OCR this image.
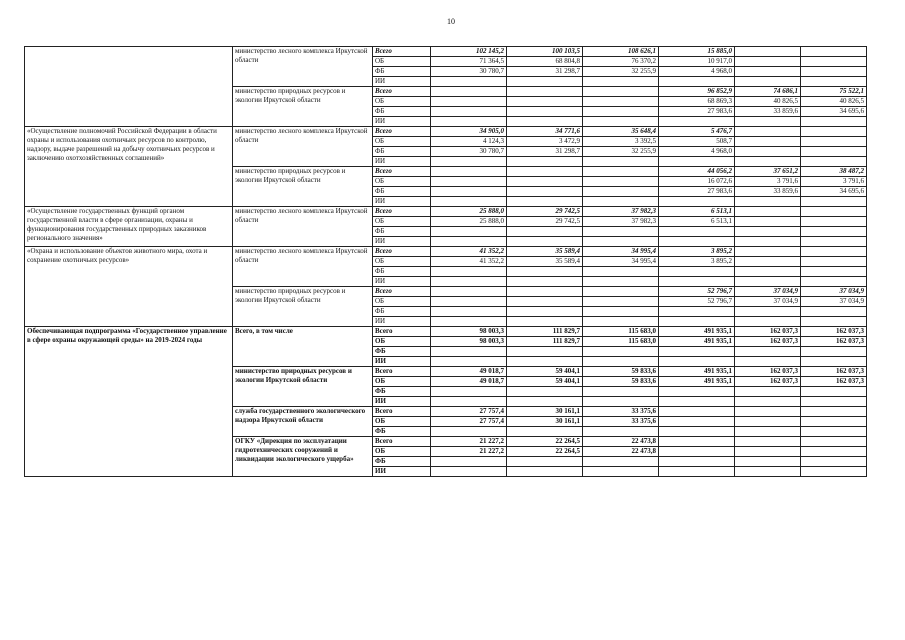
10
	министерство лесного комплекса Иркутской области	Всего	102 145,2	100 103,5	108 626,1	15 885,0		
		ОБ	71 364,5	68 804,8	76 370,2	10 917,0		
		ФБ	30 780,7	31 298,7	32 255,9	4 968,0		
		ИИ						
	министерство природных ресурсов и экологии Иркутской области	Всего				96 852,9	74 686,1	75 522,1
		ОБ				68 869,3	40 826,5	40 826,5
		ФБ				27 983,6	33 859,6	34 695,6
		ИИ						
«Осуществление полномочий Российской Федерации в области охраны и использования охотничьих ресурсов по контролю, надзору, выдаче разрешений на добычу охотничьих ресурсов и заключению охотхозяйственных соглашений»	министерство лесного комплекса Иркутской области	Всего	34 905,0	34 771,6	35 648,4	5 476,7		
		ОБ	4 124,3	3 472,9	3 392,5	508,7		
		ФБ	30 780,7	31 298,7	32 255,9	4 968,0		
		ИИ						
	министерство природных ресурсов и экологии Иркутской области	Всего				44 056,2	37 651,2	38 487,2
		ОБ				16 072,6	3 791,6	3 791,6
		ФБ				27 983,6	33 859,6	34 695,6
		ИИ						
«Осуществление государственных функций органом государственной власти в сфере организации, охраны и функционирования государственных природных заказников регионального значения»	министерство лесного комплекса Иркутской области	Всего	25 888,0	29 742,5	37 982,3	6 513,1		
		ОБ	25 888,0	29 742,5	37 982,3	6 513,1		
		ФБ						
		ИИ						
«Охрана и использование объектов животного мира, охота и сохранение охотничьих ресурсов»	министерство лесного комплекса Иркутской области	Всего	41 352,2	35 589,4	34 995,4	3 895,2		
		ОБ	41 352,2	35 589,4	34 995,4	3 895,2		
		ФБ						
		ИИ						
	министерство природных ресурсов и экологии Иркутской области	Всего				52 796,7	37 034,9	37 034,9
		ОБ				52 796,7	37 034,9	37 034,9
		ФБ						
		ИИ						
Обеспечивающая подпрограмма «Государственное управление в сфере охраны окружающей среды» на 2019-2024 годы	Всего, в том числе	Всего	98 003,3	111 829,7	115 683,0	491 935,1	162 037,3	162 037,3
		ОБ	98 003,3	111 829,7	115 683,0	491 935,1	162 037,3	162 037,3
		ФБ						
		ИИ						
	министерство природных ресурсов и экологии Иркутской области	Всего	49 018,7	59 404,1	59 833,6	491 935,1	162 037,3	162 037,3
		ОБ	49 018,7	59 404,1	59 833,6	491 935,1	162 037,3	162 037,3
		ФБ						
		ИИ						
	служба государственного экологического надзора Иркутской области	Всего	27 757,4	30 161,1	33 375,6			
		ОБ	27 757,4	30 161,1	33 375,6			
		ФБ						
	ОГКУ «Дирекция по эксплуатации гидротехнических сооружений и ликвидации экологического ущерба»	Всего	21 227,2	22 264,5	22 473,8			
		ОБ	21 227,2	22 264,5	22 473,8			
		ФБ						
		ИИ						
